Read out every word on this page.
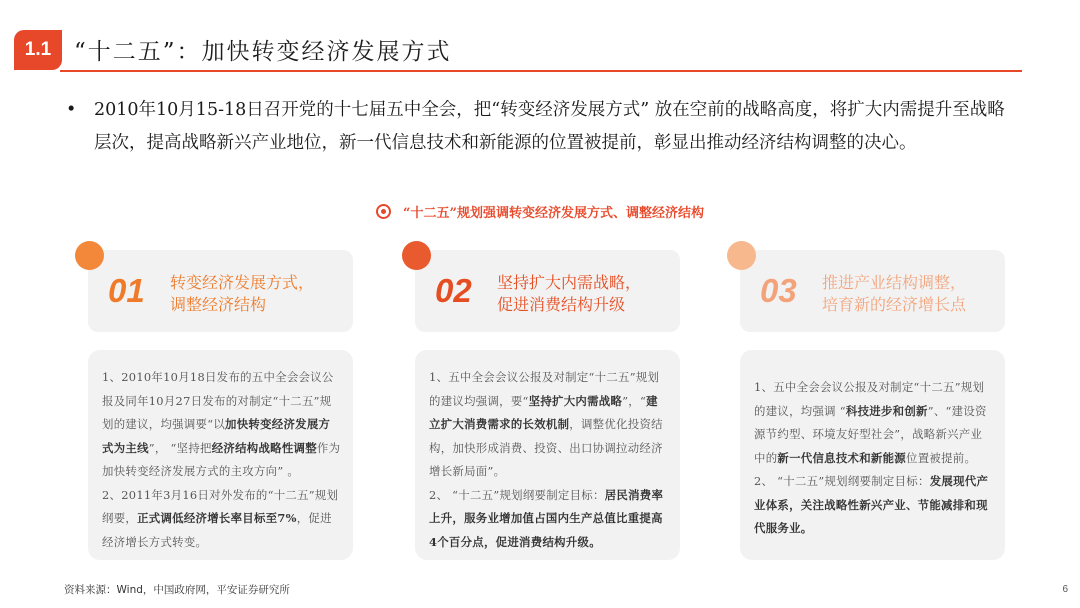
1.1 “十二五”：加快转变经济发展方式
• 2010年10月15-18日召开党的十七届五中全会，把“转变经济发展方式” 放在空前的战略高度，将扩大内需提升至战略层次，提高战略新兴产业地位，新一代信息技术和新能源的位置被提前，彰显出推动经济结构调整的决心。
“十二五”规划强调转变经济发展方式、调整经济结构
01 转变经济发展方式，
调整经济结构	02 坚持扩大内需战略，
促进消费结构升级	03 推进产业结构调整，
培育新的经济增长点
1、2010年10月18日发布的五中全会会议公报及同年10月27日发布的对制定“十二五”规划的建议，均强调要“以加快转变经济发展方式为主线”， “坚持把经济结构战略性调整作为加快转变经济发展方式的主攻方向” 。
2、2011年3月16日对外发布的“十二五”规划纲要，正式调低经济增长率目标至7%，促进经济增长方式转变。
1、五中全会会议公报及对制定“十二五”规划的建议均强调，要“坚持扩大内需战略”，“建立扩大消费需求的长效机制，调整优化投资结构，加快形成消费、投资、出口协调拉动经济增长新局面”。
2、 “十二五”规划纲要制定目标：居民消费率上升，服务业增加值占国内生产总值比重提高4个百分点，促进消费结构升级。
1、五中全会会议公报及对制定“十二五”规划的建议，均强调 “科技进步和创新”、“建设资源节约型、环境友好型社会”，战略新兴产业中的新一代信息技术和新能源位置被提前。
2、 “十二五”规划纲要制定目标：发展现代产业体系，关注战略性新兴产业、节能减排和现代服务业。
资料来源：Wind，中国政府网，平安证券研究所	6
